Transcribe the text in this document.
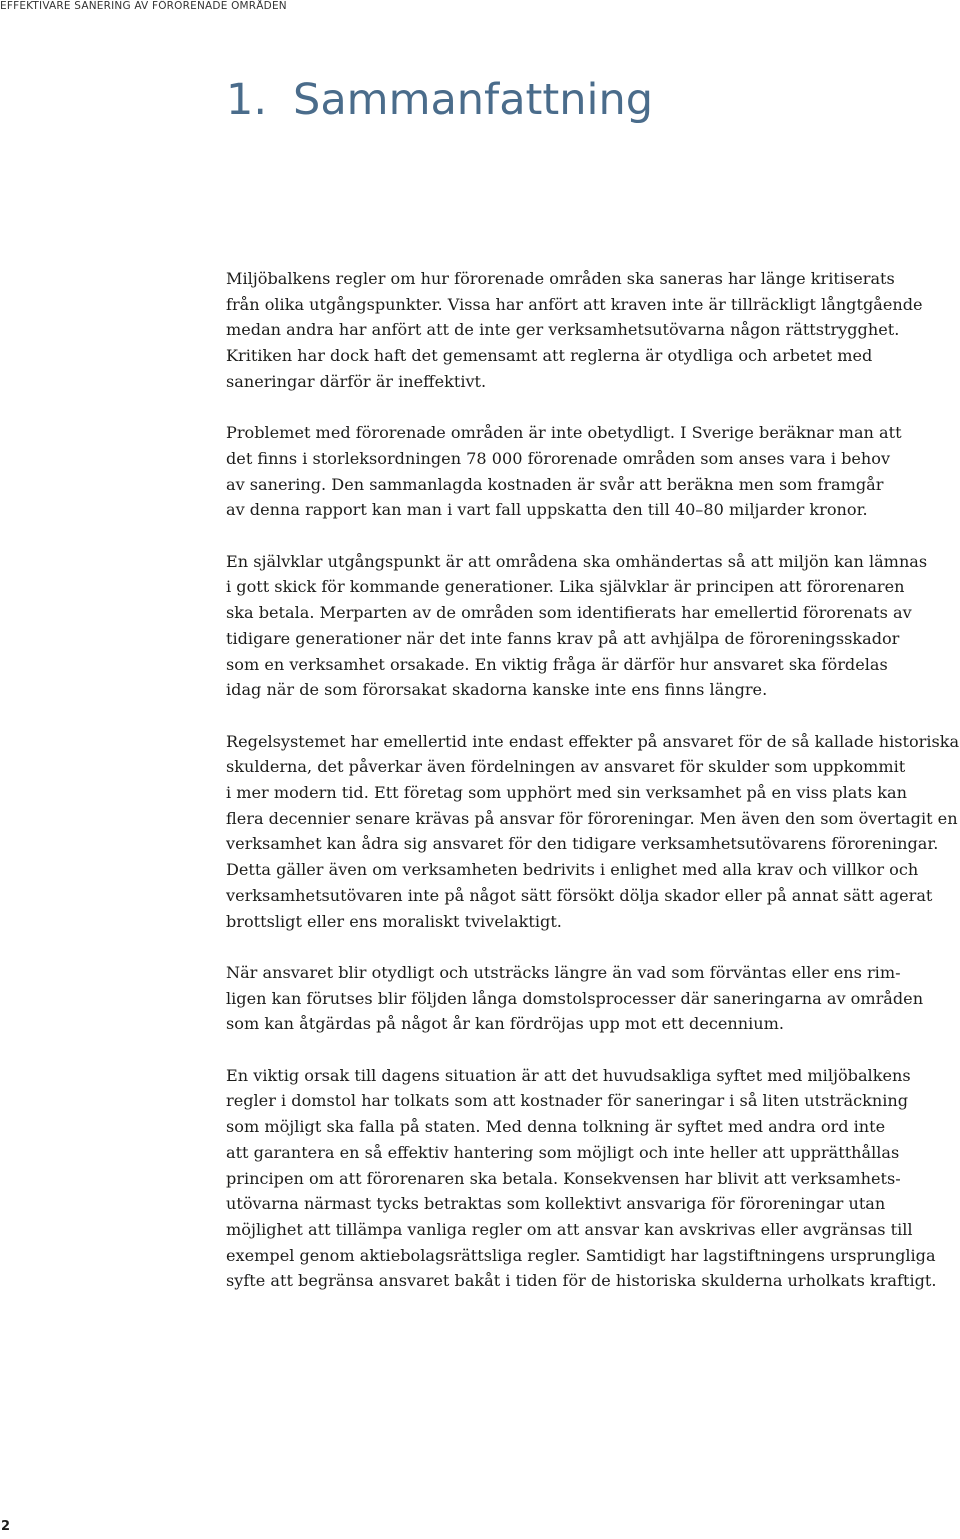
EFFEKTIVARE SANERING AV FÖRORENADE OMRÅDEN
1. Sammanfattning

Miljöbalkens regler om hur förorenade områden ska saneras har länge kritiserats
från olika utgångspunkter. Vissa har anfört att kraven inte är tillräckligt långtgående
medan andra har anfört att de inte ger verksamhetsutövarna någon rättstrygghet.
Kritiken har dock haft det gemensamt att reglerna är otydliga och arbetet med
saneringar därför är ineffektivt.

Problemet med förorenade områden är inte obetydligt. I Sverige beräknar man att
det finns i storleksordningen 78 000 förorenade områden som anses vara i behov
av sanering. Den sammanlagda kostnaden är svår att beräkna men som framgår
av denna rapport kan man i vart fall uppskatta den till 40–80 miljarder kronor.

En självklar utgångspunkt är att områdena ska omhändertas så att miljön kan lämnas
i gott skick för kommande generationer. Lika självklar är principen att förorenaren
ska betala. Merparten av de områden som identifierats har emellertid förorenats av
tidigare generationer när det inte fanns krav på att avhjälpa de föroreningsskador
som en verksamhet orsakade. En viktig fråga är därför hur ansvaret ska fördelas
idag när de som förorsakat skadorna kanske inte ens finns längre.

Regelsystemet har emellertid inte endast effekter på ansvaret för de så kallade historiska
skulderna, det påverkar även fördelningen av ansvaret för skulder som uppkommit
i mer modern tid. Ett företag som upphört med sin verksamhet på en viss plats kan
flera decennier senare krävas på ansvar för föroreningar. Men även den som övertagit en
verksamhet kan ådra sig ansvaret för den tidigare verksamhetsutövarens föroreningar.
Detta gäller även om verksamheten bedrivits i enlighet med alla krav och villkor och
verksamhetsutövaren inte på något sätt försökt dölja skador eller på annat sätt agerat
brottsligt eller ens moraliskt tvivelaktigt.

När ansvaret blir otydligt och utsträcks längre än vad som förväntas eller ens rim-
ligen kan förutses blir följden långa domstolsprocesser där saneringarna av områden
som kan åtgärdas på något år kan fördröjas upp mot ett decennium.

En viktig orsak till dagens situation är att det huvudsakliga syftet med miljöbalkens
regler i domstol har tolkats som att kostnader för saneringar i så liten utsträckning
som möjligt ska falla på staten. Med denna tolkning är syftet med andra ord inte
att garantera en så effektiv hantering som möjligt och inte heller att upprätthållas
principen om att förorenaren ska betala. Konsekvensen har blivit att verksamhets-
utövarna närmast tycks betraktas som kollektivt ansvariga för föroreningar utan
möjlighet att tillämpa vanliga regler om att ansvar kan avskrivas eller avgränsas till
exempel genom aktiebolagsrättsliga regler. Samtidigt har lagstiftningens ursprungliga
syfte att begränsa ansvaret bakåt i tiden för de historiska skulderna urholkats kraftigt.

2
